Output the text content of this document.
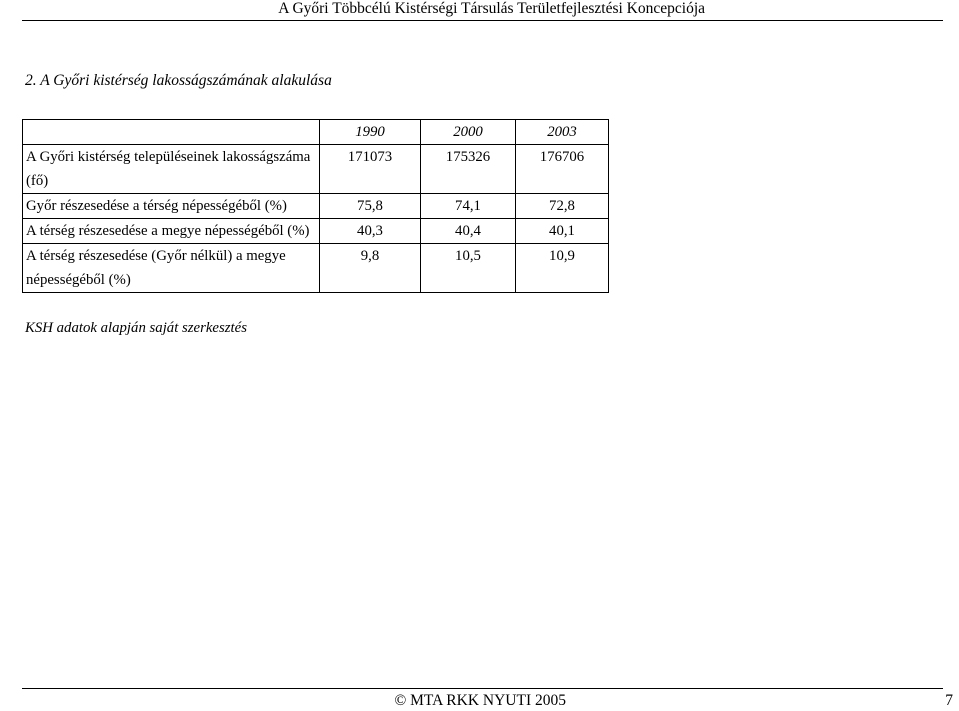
A Győri Többcélú Kistérségi Társulás Területfejlesztési Koncepciója
2. A Győri kistérség lakosságszámának alakulása
	1990	2000	2003
A Győri kistérség településeinek lakosságszáma (fő)	171073	175326	176706
Győr részesedése a térség népességéből (%)	75,8	74,1	72,8
A térség részesedése a megye népességéből (%)	40,3	40,4	40,1
A térség részesedése (Győr nélkül) a megye népességéből (%)	9,8	10,5	10,9
KSH adatok alapján saját szerkesztés
© MTA RKK NYUTI 2005	7
